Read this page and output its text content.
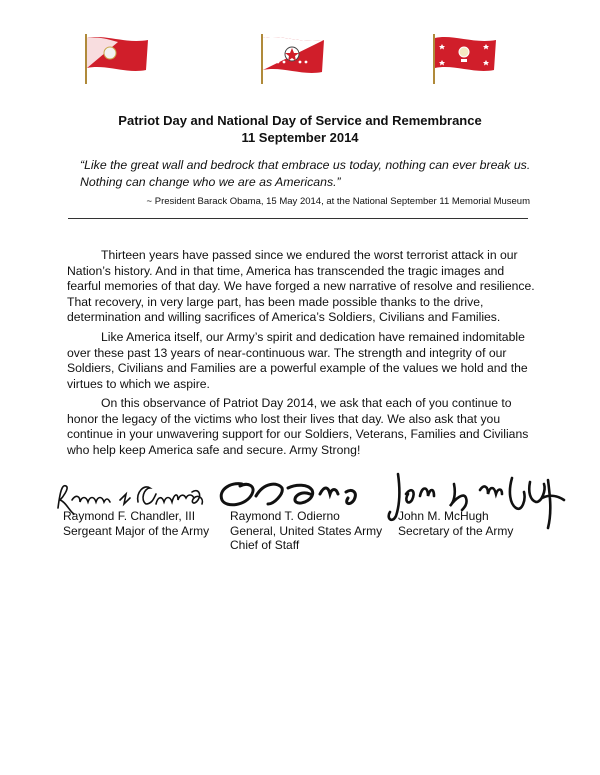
Patriot Day and National Day of Service and Remembrance
11 September 2014
“Like the great wall and bedrock that embrace us today, nothing can ever break us. Nothing can change who we are as Americans.”
~ President Barack Obama, 15 May 2014, at the National September 11 Memorial Museum

Thirteen years have passed since we endured the worst terrorist attack in our Nation’s history. And in that time, America has transcended the tragic images and fearful memories of that day. We have forged a new narrative of resolve and resilience. That recovery, in very large part, has been made possible thanks to the drive, determination and willing sacrifices of America’s Soldiers, Civilians and Families.

Like America itself, our Army’s spirit and dedication have remained indomitable over these past 13 years of near-continuous war. The strength and integrity of our Soldiers, Civilians and Families are a powerful example of the values we hold and the virtues to which we aspire.

On this observance of Patriot Day 2014, we ask that each of you continue to honor the legacy of the victims who lost their lives that day. We also ask that you continue in your unwavering support for our Soldiers, Veterans, Families and Civilians who help keep America safe and secure. Army Strong!

Raymond F. Chandler, III
Sergeant Major of the Army
Raymond T. Odierno
General, United States Army
Chief of Staff
John M. McHugh
Secretary of the Army
